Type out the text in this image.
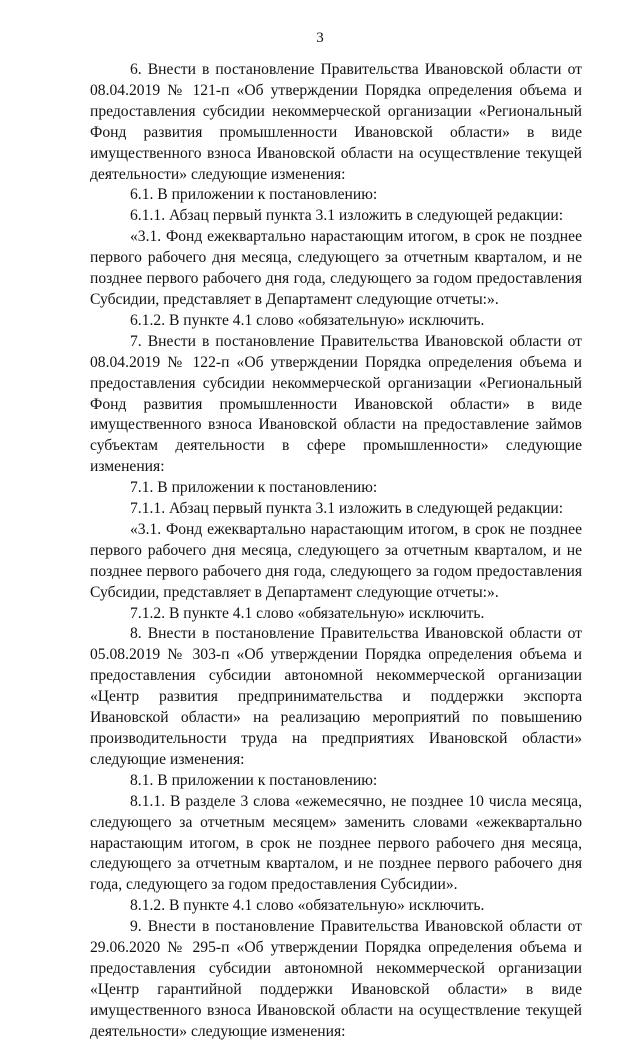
3

6. Внести в постановление Правительства Ивановской области от 08.04.2019 № 121-п «Об утверждении Порядка определения объема и предоставления субсидии некоммерческой организации «Региональный Фонд развития промышленности Ивановской области» в виде имущественного взноса Ивановской области на осуществление текущей деятельности» следующие изменения:

6.1. В приложении к постановлению:

6.1.1. Абзац первый пункта 3.1 изложить в следующей редакции:

«3.1. Фонд ежеквартально нарастающим итогом, в срок не позднее первого рабочего дня месяца, следующего за отчетным кварталом, и не позднее первого рабочего дня года, следующего за годом предоставления Субсидии, представляет в Департамент следующие отчеты:».

6.1.2. В пункте 4.1 слово «обязательную» исключить.

7. Внести в постановление Правительства Ивановской области от 08.04.2019 № 122-п «Об утверждении Порядка определения объема и предоставления субсидии некоммерческой организации «Региональный Фонд развития промышленности Ивановской области» в виде имущественного взноса Ивановской области на предоставление займов субъектам деятельности в сфере промышленности» следующие изменения:

7.1. В приложении к постановлению:

7.1.1. Абзац первый пункта 3.1 изложить в следующей редакции:

«3.1. Фонд ежеквартально нарастающим итогом, в срок не позднее первого рабочего дня месяца, следующего за отчетным кварталом, и не позднее первого рабочего дня года, следующего за годом предоставления Субсидии, представляет в Департамент следующие отчеты:».

7.1.2. В пункте 4.1 слово «обязательную» исключить.

8. Внести в постановление Правительства Ивановской области от 05.08.2019 № 303-п «Об утверждении Порядка определения объема и предоставления субсидии автономной некоммерческой организации «Центр развития предпринимательства и поддержки экспорта Ивановской области» на реализацию мероприятий по повышению производительности труда на предприятиях Ивановской области» следующие изменения:

8.1. В приложении к постановлению:

8.1.1. В разделе 3 слова «ежемесячно, не позднее 10 числа месяца, следующего за отчетным месяцем» заменить словами «ежеквартально нарастающим итогом, в срок не позднее первого рабочего дня месяца, следующего за отчетным кварталом, и не позднее первого рабочего дня года, следующего за годом предоставления Субсидии».

8.1.2. В пункте 4.1 слово «обязательную» исключить.

9. Внести в постановление Правительства Ивановской области от 29.06.2020 № 295-п «Об утверждении Порядка определения объема и предоставления субсидии автономной некоммерческой организации «Центр гарантийной поддержки Ивановской области» в виде имущественного взноса Ивановской области на осуществление текущей деятельности» следующие изменения:
